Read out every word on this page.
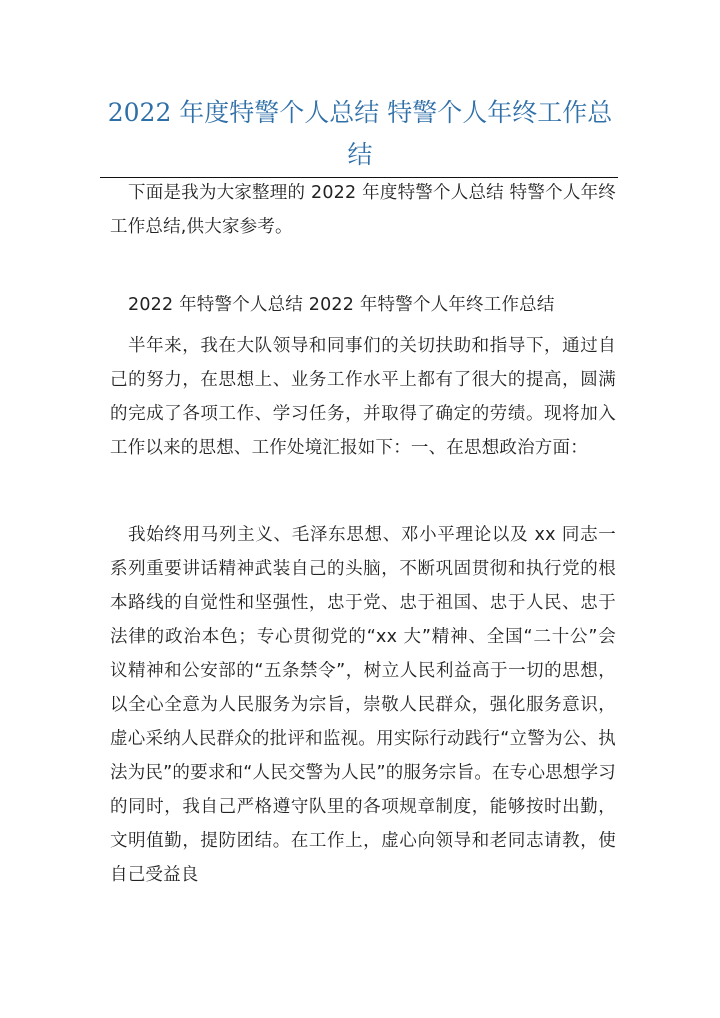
2022 年度特警个人总结 特警个人年终工作总结

下面是我为大家整理的 2022 年度特警个人总结 特警个人年终工作总结,供大家参考。

2022 年特警个人总结 2022 年特警个人年终工作总结

半年来，我在大队领导和同事们的关切扶助和指导下，通过自己的努力，在思想上、业务工作水平上都有了很大的提高，圆满的完成了各项工作、学习任务，并取得了确定的劳绩。现将加入工作以来的思想、工作处境汇报如下：一、在思想政治方面：

我始终用马列主义、毛泽东思想、邓小平理论以及 xx 同志一系列重要讲话精神武装自己的头脑，不断巩固贯彻和执行党的根本路线的自觉性和坚强性，忠于党、忠于祖国、忠于人民、忠于法律的政治本色；专心贯彻党的“xx 大”精神、全国“二十公”会议精神和公安部的“五条禁令”，树立人民利益高于一切的思想，以全心全意为人民服务为宗旨，崇敬人民群众，强化服务意识，虚心采纳人民群众的批评和监视。用实际行动践行“立警为公、执法为民”的要求和“人民交警为人民”的服务宗旨。在专心思想学习的同时，我自己严格遵守队里的各项规章制度，能够按时出勤，文明值勤，提防团结。在工作上，虚心向领导和老同志请教，使自己受益良
